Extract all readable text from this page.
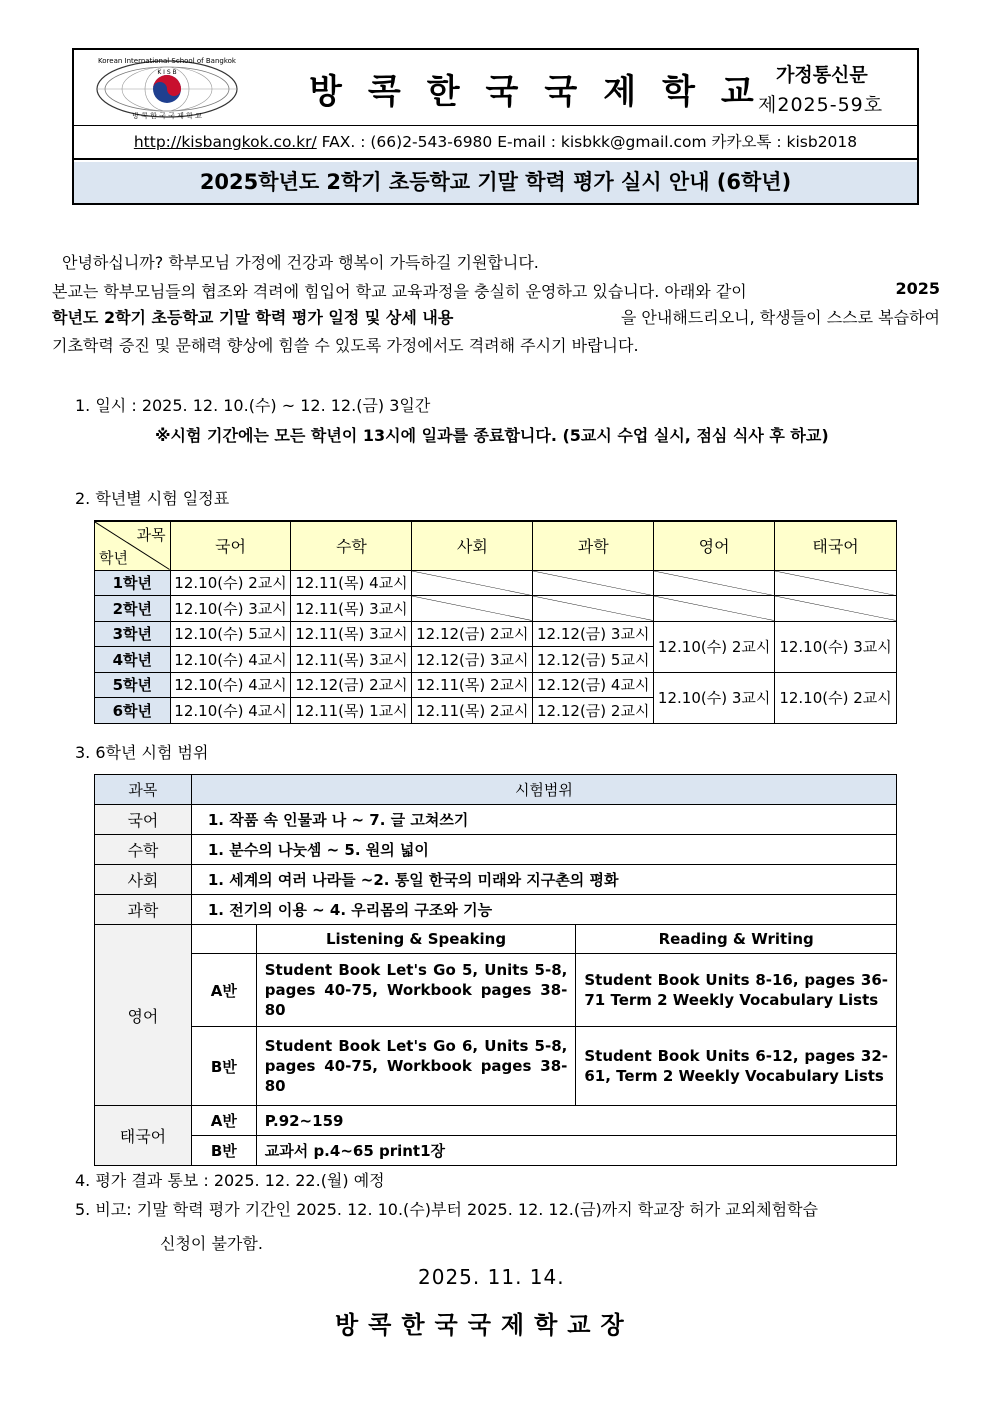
Korean International School of Bangkok
K I S B
방 콕 한 국 국 제 학 교
방콕한국국제학교
가정통신문
제2025-59호
http://kisbangkok.co.kr/ FAX. : (66)2-543-6980 E-mail : kisbkk@gmail.com 카카오톡 : kisb2018
2025학년도 2학기 초등학교 기말 학력 평가 실시 안내 (6학년)
안녕하십니까? 학부모님 가정에 건강과 행복이 가득하길 기원합니다.
본교는 학부모님들의 협조와 격려에 힘입어 학교 교육과정을 충실히 운영하고 있습니다. 아래와 같이	2025
학년도 2학기 초등학교 기말 학력 평가 일정 및 상세 내용	을 안내해드리오니, 학생들이 스스로 복습하여
기초학력 증진 및 문해력 향상에 힘쓸 수 있도록 가정에서도 격려해 주시기 바랍니다.
1. 일시 : 2025. 12. 10.(수) ~ 12. 12.(금) 3일간
※시험 기간에는 모든 학년이 13시에 일과를 종료합니다. (5교시 수업 실시, 점심 식사 후 하교)
2. 학년별 시험 일정표
과목
학년	국어	수학	사회	과학	영어	태국어
1학년	12.10(수) 2교시	12.11(목) 4교시	

2학년	12.10(수) 3교시	12.11(목) 3교시	

3학년	12.10(수) 5교시	12.11(목) 3교시	12.12(금) 2교시	12.12(금) 3교시	12.10(수) 2교시	12.10(수) 3교시
4학년	12.10(수) 4교시	12.11(목) 3교시	12.12(금) 3교시	12.12(금) 5교시		
5학년	12.10(수) 4교시	12.12(금) 2교시	12.11(목) 2교시	12.12(금) 4교시	12.10(수) 3교시	12.10(수) 2교시
6학년	12.10(수) 4교시	12.11(목) 1교시	12.11(목) 2교시	12.12(금) 2교시		
3. 6학년 시험 범위
과목	시험범위		
국어	1. 작품 속 인물과 나 ~ 7. 글 고쳐쓰기		
수학	1. 분수의 나눗셈 ~ 5. 원의 넓이		
사회	1. 세계의 여러 나라들 ~2. 통일 한국의 미래와 지구촌의 평화		
과학	1. 전기의 이용 ~ 4. 우리몸의 구조와 기능		
영어		Listening & Speaking	Reading & Writing
	A반	Student Book Let's Go 5, Units 5-8, pages 40-75, Workbook pages 38-80	Student Book Units 8-16, pages 36-71 Term 2 Weekly Vocabulary Lists
	B반	Student Book Let's Go 6, Units 5-8, pages 40-75, Workbook pages 38-80	Student Book Units 6-12, pages 32-61, Term 2 Weekly Vocabulary Lists
태국어	A반	P.92~159	
	B반	교과서 p.4~65 print1장	
4. 평가 결과 통보 : 2025. 12. 22.(월) 예정
5. 비고: 기말 학력 평가 기간인 2025. 12. 10.(수)부터 2025. 12. 12.(금)까지 학교장 허가 교외체험학습
신청이 불가함.
2025. 11. 14.
방콕한국국제학교장
